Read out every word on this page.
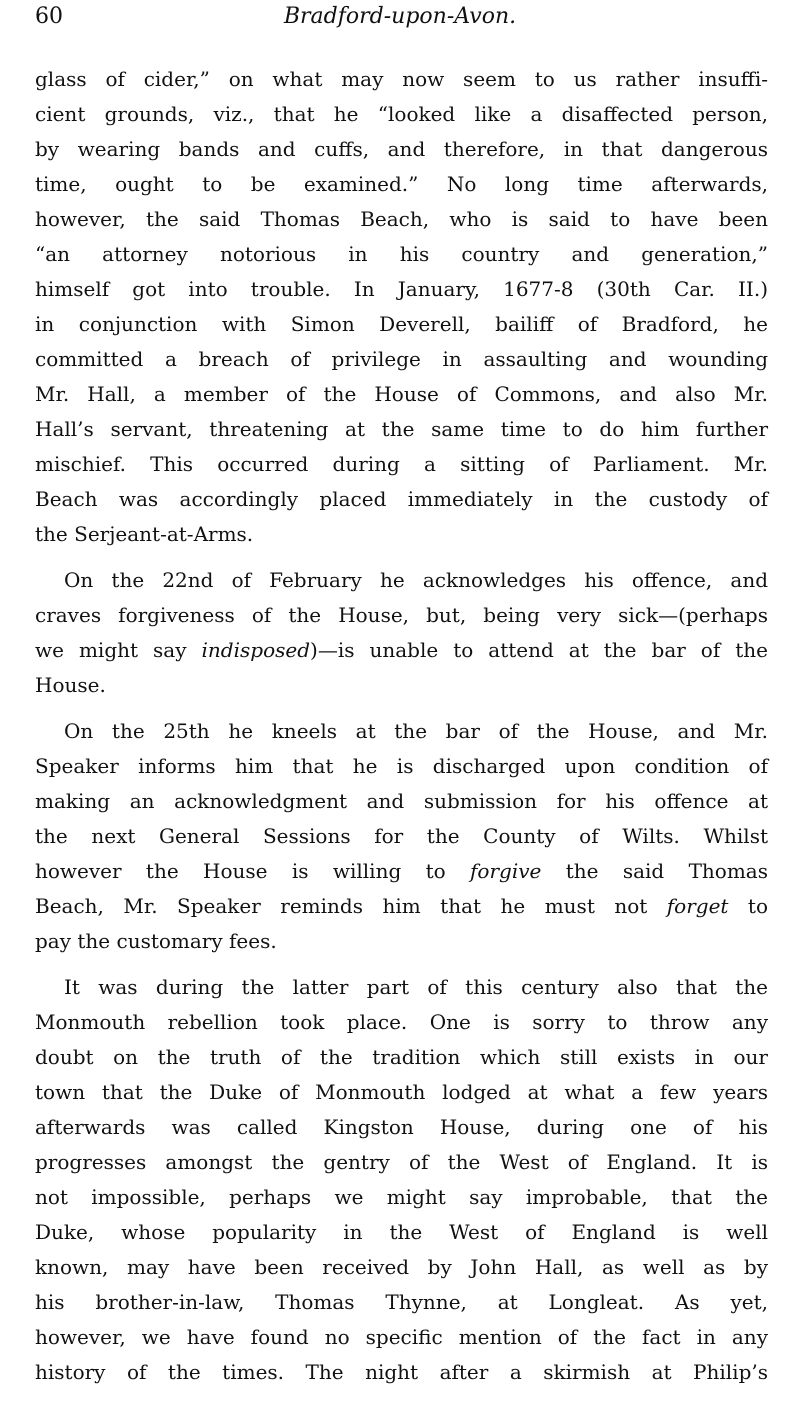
60	Bradford-upon-Avon.
glass of cider,” on what may now seem to us rather insuffi-
cient grounds, viz., that he “looked like a disaffected person,
by wearing bands and cuffs, and therefore, in that dangerous
time, ought to be examined.” No long time afterwards,
however, the said Thomas Beach, who is said to have been
“an attorney notorious in his country and generation,”
himself got into trouble. In January, 1677-8 (30th Car. II.)
in conjunction with Simon Deverell, bailiff of Bradford, he
committed a breach of privilege in assaulting and wounding
Mr. Hall, a member of the House of Commons, and also Mr.
Hall’s servant, threatening at the same time to do him further
mischief. This occurred during a sitting of Parliament. Mr.
Beach was accordingly placed immediately in the custody of
the Serjeant-at-Arms.
On the 22nd of February he acknowledges his offence, and
craves forgiveness of the House, but, being very sick—(perhaps
we might say indisposed)—is unable to attend at the bar of the
House.
On the 25th he kneels at the bar of the House, and Mr.
Speaker informs him that he is discharged upon condition of
making an acknowledgment and submission for his offence at
the next General Sessions for the County of Wilts. Whilst
however the House is willing to forgive the said Thomas
Beach, Mr. Speaker reminds him that he must not forget to
pay the customary fees.
It was during the latter part of this century also that the
Monmouth rebellion took place. One is sorry to throw any
doubt on the truth of the tradition which still exists in our
town that the Duke of Monmouth lodged at what a few years
afterwards was called Kingston House, during one of his
progresses amongst the gentry of the West of England. It is
not impossible, perhaps we might say improbable, that the
Duke, whose popularity in the West of England is well
known, may have been received by John Hall, as well as by
his brother-in-law, Thomas Thynne, at Longleat. As yet,
however, we have found no specific mention of the fact in any
history of the times. The night after a skirmish at Philip’s
